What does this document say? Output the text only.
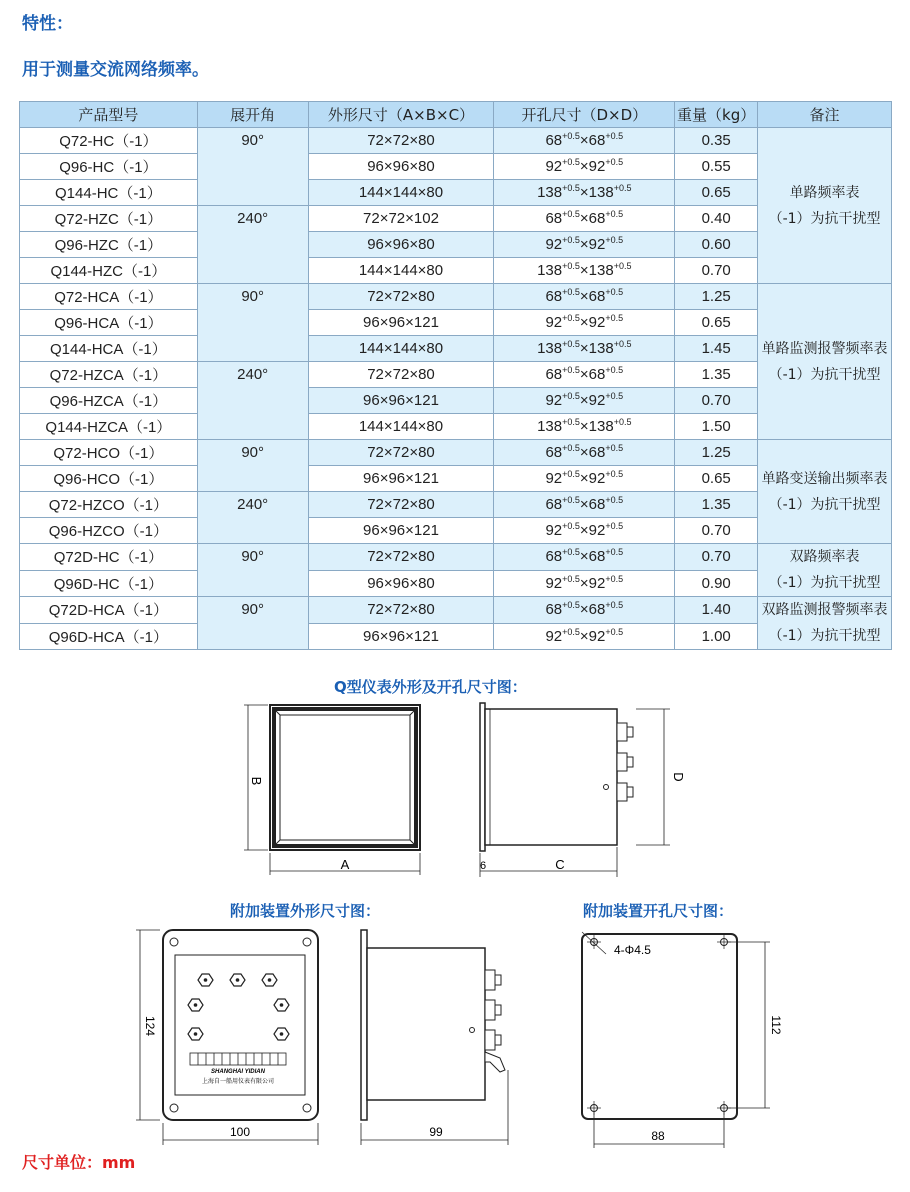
特性：
用于测量交流网络频率。
产品型号	展开角	外形尺寸（A×B×C）	开孔尺寸（D×D）	重量（kg）	备注
Q72-HC（-1）	90°	72×72×80	$68^{+0.5}\times 68^{+0.5}$	0.35	单路频率表
（-1）为抗干扰型

Q96-HC（-1）		96×96×80	$92^{+0.5}\times 92^{+0.5}$	0.55	
Q144-HC（-1）		144×144×80	$138^{+0.5}\times 138^{+0.5}$	0.65	
Q72-HZC（-1）	240°	72×72×102	$68^{+0.5}\times 68^{+0.5}$	0.40	
Q96-HZC（-1）		96×96×80	$92^{+0.5}\times 92^{+0.5}$	0.60	
Q144-HZC（-1）		144×144×80	$138^{+0.5}\times 138^{+0.5}$	0.70	
Q72-HCA（-1）	90°	72×72×80	$68^{+0.5}\times 68^{+0.5}$	1.25	单路监测报警频率表
（-1）为抗干扰型

Q96-HCA（-1）		96×96×121	$92^{+0.5}\times 92^{+0.5}$	0.65	
Q144-HCA（-1）		144×144×80	$138^{+0.5}\times 138^{+0.5}$	1.45	
Q72-HZCA（-1）	240°	72×72×80	$68^{+0.5}\times 68^{+0.5}$	1.35	
Q96-HZCA（-1）		96×96×121	$92^{+0.5}\times 92^{+0.5}$	0.70	
Q144-HZCA（-1）		144×144×80	$138^{+0.5}\times 138^{+0.5}$	1.50	
Q72-HCO（-1）	90°	72×72×80	$68^{+0.5}\times 68^{+0.5}$	1.25	单路变送输出频率表
（-1）为抗干扰型

Q96-HCO（-1）		96×96×121	$92^{+0.5}\times 92^{+0.5}$	0.65	
Q72-HZCO（-1）	240°	72×72×80	$68^{+0.5}\times 68^{+0.5}$	1.35	
Q96-HZCO（-1）		96×96×121	$92^{+0.5}\times 92^{+0.5}$	0.70	
Q72D-HC（-1）	90°	72×72×80	$68^{+0.5}\times 68^{+0.5}$	0.70	双路频率表
（-1）为抗干扰型

Q96D-HC（-1）		96×96×80	$92^{+0.5}\times 92^{+0.5}$	0.90	
Q72D-HCA（-1）	90°	72×72×80	$68^{+0.5}\times 68^{+0.5}$	1.40	双路监测报警频率表
（-1）为抗干扰型

Q96D-HCA（-1）		96×96×121	$92^{+0.5}\times 92^{+0.5}$	1.00	
Q型仪表外形及开孔尺寸图：
A
B	D
6	C
附加装置外形尺寸图：
SHANGHAI YIDIAN
上海自一船用仪表有限公司
124
100	99
附加装置开孔尺寸图：
4-Φ4.5
112
88
尺寸单位：mm
